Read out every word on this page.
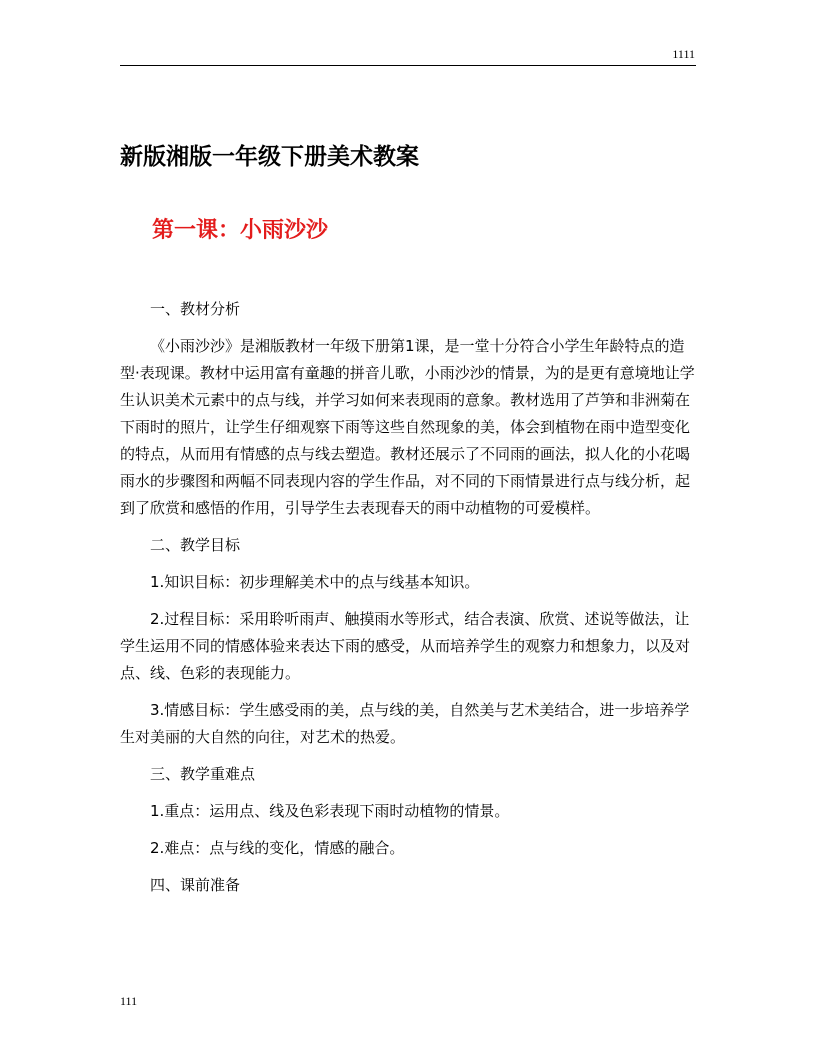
1111
新版湘版一年级下册美术教案
第一课：小雨沙沙

一、教材分析

《小雨沙沙》是湘版教材一年级下册第1课，是一堂十分符合小学生年龄特点的造型·表现课。教材中运用富有童趣的拼音儿歌，小雨沙沙的情景，为的是更有意境地让学生认识美术元素中的点与线，并学习如何来表现雨的意象。教材选用了芦笋和非洲菊在下雨时的照片，让学生仔细观察下雨等这些自然现象的美，体会到植物在雨中造型变化的特点，从而用有情感的点与线去塑造。教材还展示了不同雨的画法，拟人化的小花喝雨水的步骤图和两幅不同表现内容的学生作品，对不同的下雨情景进行点与线分析，起到了欣赏和感悟的作用，引导学生去表现春天的雨中动植物的可爱模样。

二、教学目标

1.知识目标：初步理解美术中的点与线基本知识。

2.过程目标：采用聆听雨声、触摸雨水等形式，结合表演、欣赏、述说等做法，让学生运用不同的情感体验来表达下雨的感受，从而培养学生的观察力和想象力，以及对点、线、色彩的表现能力。

3.情感目标：学生感受雨的美，点与线的美，自然美与艺术美结合，进一步培养学生对美丽的大自然的向往，对艺术的热爱。

三、教学重难点

1.重点：运用点、线及色彩表现下雨时动植物的情景。

2.难点：点与线的变化，情感的融合。

四、课前准备

111
